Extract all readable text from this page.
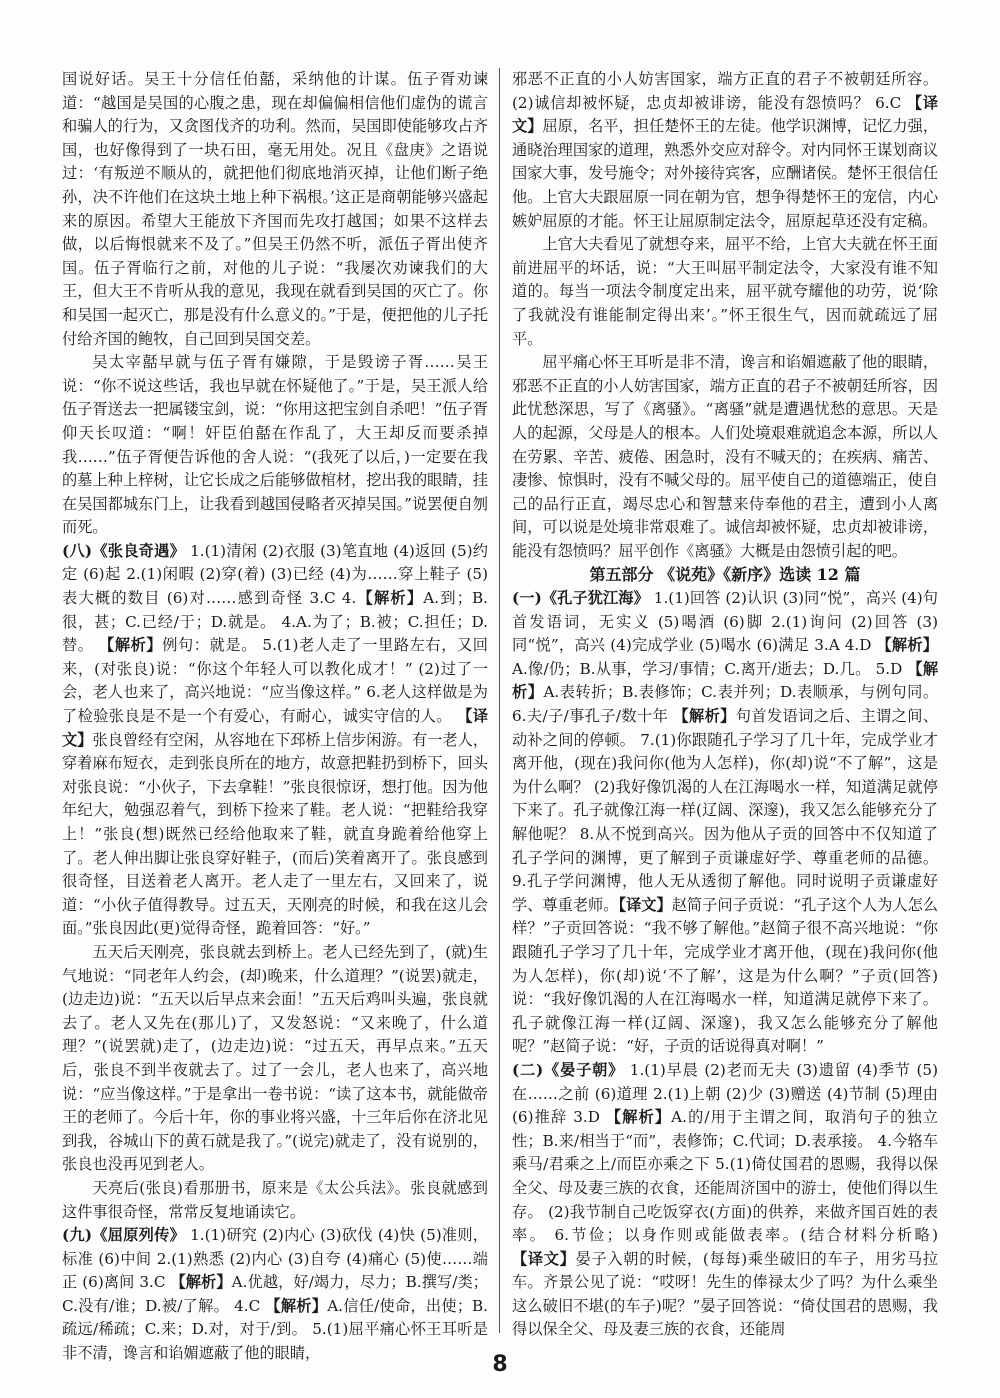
国说好话。吴王十分信任伯嚭，采纳他的计谋。伍子胥劝谏道：“越国是吴国的心腹之患，现在却偏偏相信他们虚伪的谎言和骗人的行为，又贪图伐齐的功利。然而，吴国即使能够攻占齐国，也好像得到了一块石田，毫无用处。况且《盘庚》之语说过：‘有叛逆不顺从的，就把他们彻底地消灭掉，让他们断子绝孙，决不许他们在这块土地上种下祸根。’这正是商朝能够兴盛起来的原因。希望大王能放下齐国而先攻打越国；如果不这样去做，以后悔恨就来不及了。”但吴王仍然不听，派伍子胥出使齐国。伍子胥临行之前，对他的儿子说：“我屡次劝谏我们的大王，但大王不肯听从我的意见，我现在就看到吴国的灭亡了。你和吴国一起灭亡，那是没有什么意义的。”于是，便把他的儿子托付给齐国的鲍牧，自己回到吴国交差。

吴太宰嚭早就与伍子胥有嫌隙，于是毁谤子胥……吴王说：“你不说这些话，我也早就在怀疑他了。”于是，吴王派人给伍子胥送去一把属镂宝剑，说：“你用这把宝剑自杀吧！”伍子胥仰天长叹道：“啊！奸臣伯嚭在作乱了，大王却反而要杀掉我……”伍子胥便告诉他的舍人说：“(我死了以后，)一定要在我的墓上种上梓树，让它长成之后能够做棺材，挖出我的眼睛，挂在吴国都城东门上，让我看到越国侵略者灭掉吴国。”说罢便自刎而死。

(八)《张良奇遇》 1.(1)清闲 (2)衣服 (3)笔直地 (4)返回 (5)约定 (6)起 2.(1)闲暇 (2)穿(着) (3)已经 (4)为……穿上鞋子 (5)表大概的数目 (6)对……感到奇怪 3.C 4.【解析】A.到；B.很，甚；C.已经/于；D.就是。 4.A.为了；B.被；C.担任；D.替。 【解析】例句：就是。 5.(1)老人走了一里路左右，又回来，(对张良)说：“你这个年轻人可以教化成才！” (2)过了一会，老人也来了，高兴地说：“应当像这样。” 6.老人这样做是为了检验张良是不是一个有爱心，有耐心，诚实守信的人。 【译文】张良曾经有空闲，从容地在下邳桥上信步闲游。有一老人，穿着麻布短衣，走到张良所在的地方，故意把鞋扔到桥下，回头对张良说：“小伙子，下去拿鞋！”张良很惊讶，想打他。因为他年纪大，勉强忍着气，到桥下捡来了鞋。老人说：“把鞋给我穿上！”张良(想)既然已经给他取来了鞋，就直身跪着给他穿上了。老人伸出脚让张良穿好鞋子，(而后)笑着离开了。张良感到很奇怪，目送着老人离开。老人走了一里左右，又回来了，说道：“小伙子值得教导。过五天，天刚亮的时候，和我在这儿会面。”张良因此(更)觉得奇怪，跪着回答：“好。”

五天后天刚亮，张良就去到桥上。老人已经先到了，(就)生气地说：“同老年人约会，(却)晚来，什么道理？”(说罢)就走，(边走边)说：“五天以后早点来会面！”五天后鸡叫头遍，张良就去了。老人又先在(那儿)了，又发怒说：“又来晚了，什么道理？”(说罢就)走了，(边走边)说：“过五天，再早点来。”五天后，张良不到半夜就去了。过了一会儿，老人也来了，高兴地说：“应当像这样。”于是拿出一卷书说：“读了这本书，就能做帝王的老师了。今后十年，你的事业将兴盛，十三年后你在济北见到我，谷城山下的黄石就是我了。”(说完)就走了，没有说别的，张良也没再见到老人。

天亮后(张良)看那册书，原来是《太公兵法》。张良就感到这件事很奇怪，常常反复地诵读它。

(九)《屈原列传》 1.(1)研究 (2)内心 (3)砍伐 (4)快 (5)准则，标准 (6)中间 2.(1)熟悉 (2)内心 (3)自夸 (4)痛心 (5)使……端正 (6)离间 3.C 【解析】A.优越，好/竭力，尽力；B.撰写/类；C.没有/谁；D.被/了解。 4.C 【解析】A.信任/使命，出使；B.疏远/稀疏；C.来；D.对，对于/到。 5.(1)屈平痛心怀王耳听是非不清，谗言和谄媚遮蔽了他的眼睛，

邪恶不正直的小人妨害国家，端方正直的君子不被朝廷所容。 (2)诚信却被怀疑，忠贞却被诽谤，能没有怨愤吗？ 6.C 【译文】屈原，名平，担任楚怀王的左徒。他学识渊博，记忆力强，通晓治理国家的道理，熟悉外交应对辞令。对内同怀王谋划商议国家大事，发号施令；对外接待宾客，应酬诸侯。楚怀王很信任他。上官大夫跟屈原一同在朝为官，想争得楚怀王的宠信，内心嫉妒屈原的才能。怀王让屈原制定法令，屈原起草还没有定稿。

上官大夫看见了就想夺来，屈平不给，上官大夫就在怀王面前进屈平的坏话，说：“大王叫屈平制定法令，大家没有谁不知道的。每当一项法令制度定出来，屈平就夸耀他的功劳，说‘除了我就没有谁能制定得出来’。”怀王很生气，因而就疏远了屈平。

屈平痛心怀王耳听是非不清，谗言和谄媚遮蔽了他的眼睛，邪恶不正直的小人妨害国家，端方正直的君子不被朝廷所容，因此忧愁深思，写了《离骚》。“离骚”就是遭遇忧愁的意思。天是人的起源，父母是人的根本。人们处境艰难就追念本源，所以人在劳累、辛苦、疲倦、困急时，没有不喊天的；在疾病、痛苦、凄惨、惊惧时，没有不喊父母的。屈平使自己的道德端正，使自己的品行正直，竭尽忠心和智慧来侍奉他的君主，遭到小人离间，可以说是处境非常艰难了。诚信却被怀疑，忠贞却被诽谤，能没有怨愤吗？屈平创作《离骚》大概是由怨愤引起的吧。

第五部分 《说苑》《新序》选读 12 篇

(一)《孔子犹江海》 1.(1)回答 (2)认识 (3)同“悦”，高兴 (4)句首发语词，无实义 (5)喝酒 (6)脚 2.(1)询问 (2)回答 (3)同“悦”，高兴 (4)完成学业 (5)喝水 (6)满足 3.A 4.D 【解析】A.像/仍；B.从事，学习/事情；C.离开/逝去；D.几。 5.D 【解析】A.表转折；B.表修饰；C.表并列；D.表顺承，与例句同。 6.夫/子/事孔子/数十年 【解析】句首发语词之后、主谓之间、动补之间的停顿。 7.(1)你跟随孔子学习了几十年，完成学业才离开他，(现在)我问你(他为人怎样)，你(却)说“不了解”，这是为什么啊？ (2)我好像饥渴的人在江海喝水一样，知道满足就停下来了。孔子就像江海一样(辽阔、深邃)，我又怎么能够充分了解他呢？ 8.从不悦到高兴。因为他从子贡的回答中不仅知道了孔子学问的渊博，更了解到子贡谦虚好学、尊重老师的品德。 9.孔子学问渊博，他人无从透彻了解他。同时说明子贡谦虚好学、尊重老师。【译文】赵简子问子贡说：“孔子这个人为人怎么样？”子贡回答说：“我不够了解他。”赵简子很不高兴地说：“你跟随孔子学习了几十年，完成学业才离开他，(现在)我问你(他为人怎样)，你(却)说‘不了解’，这是为什么啊？”子贡(回答)说：“我好像饥渴的人在江海喝水一样，知道满足就停下来了。孔子就像江海一样(辽阔、深邃)，我又怎么能够充分了解他呢？”赵简子说：“好，子贡的话说得真对啊！”

(二)《晏子朝》 1.(1)早晨 (2)老而无夫 (3)遗留 (4)季节 (5)在……之前 (6)道理 2.(1)上朝 (2)少 (3)赠送 (4)节制 (5)理由 (6)推辞 3.D 【解析】A.的/用于主谓之间，取消句子的独立性；B.来/相当于“而”，表修饰；C.代词；D.表承接。 4.今辂车乘马/君乘之上/而臣亦乘之下 5.(1)倚仗国君的恩赐，我得以保全父、母及妻三族的衣食，还能周济国中的游士，使他们得以生存。 (2)我节制自己吃饭穿衣(方面)的供养，来做齐国百姓的表率。 6.节俭；以身作则或能做表率。(结合材料分析略)【译文】晏子入朝的时候，(每每)乘坐破旧的车子，用劣马拉车。齐景公见了说：“哎呀！先生的俸禄太少了吗？为什么乘坐这么破旧不堪(的车子)呢？”晏子回答说：“倚仗国君的恩赐，我得以保全父、母及妻三族的衣食，还能周

8
